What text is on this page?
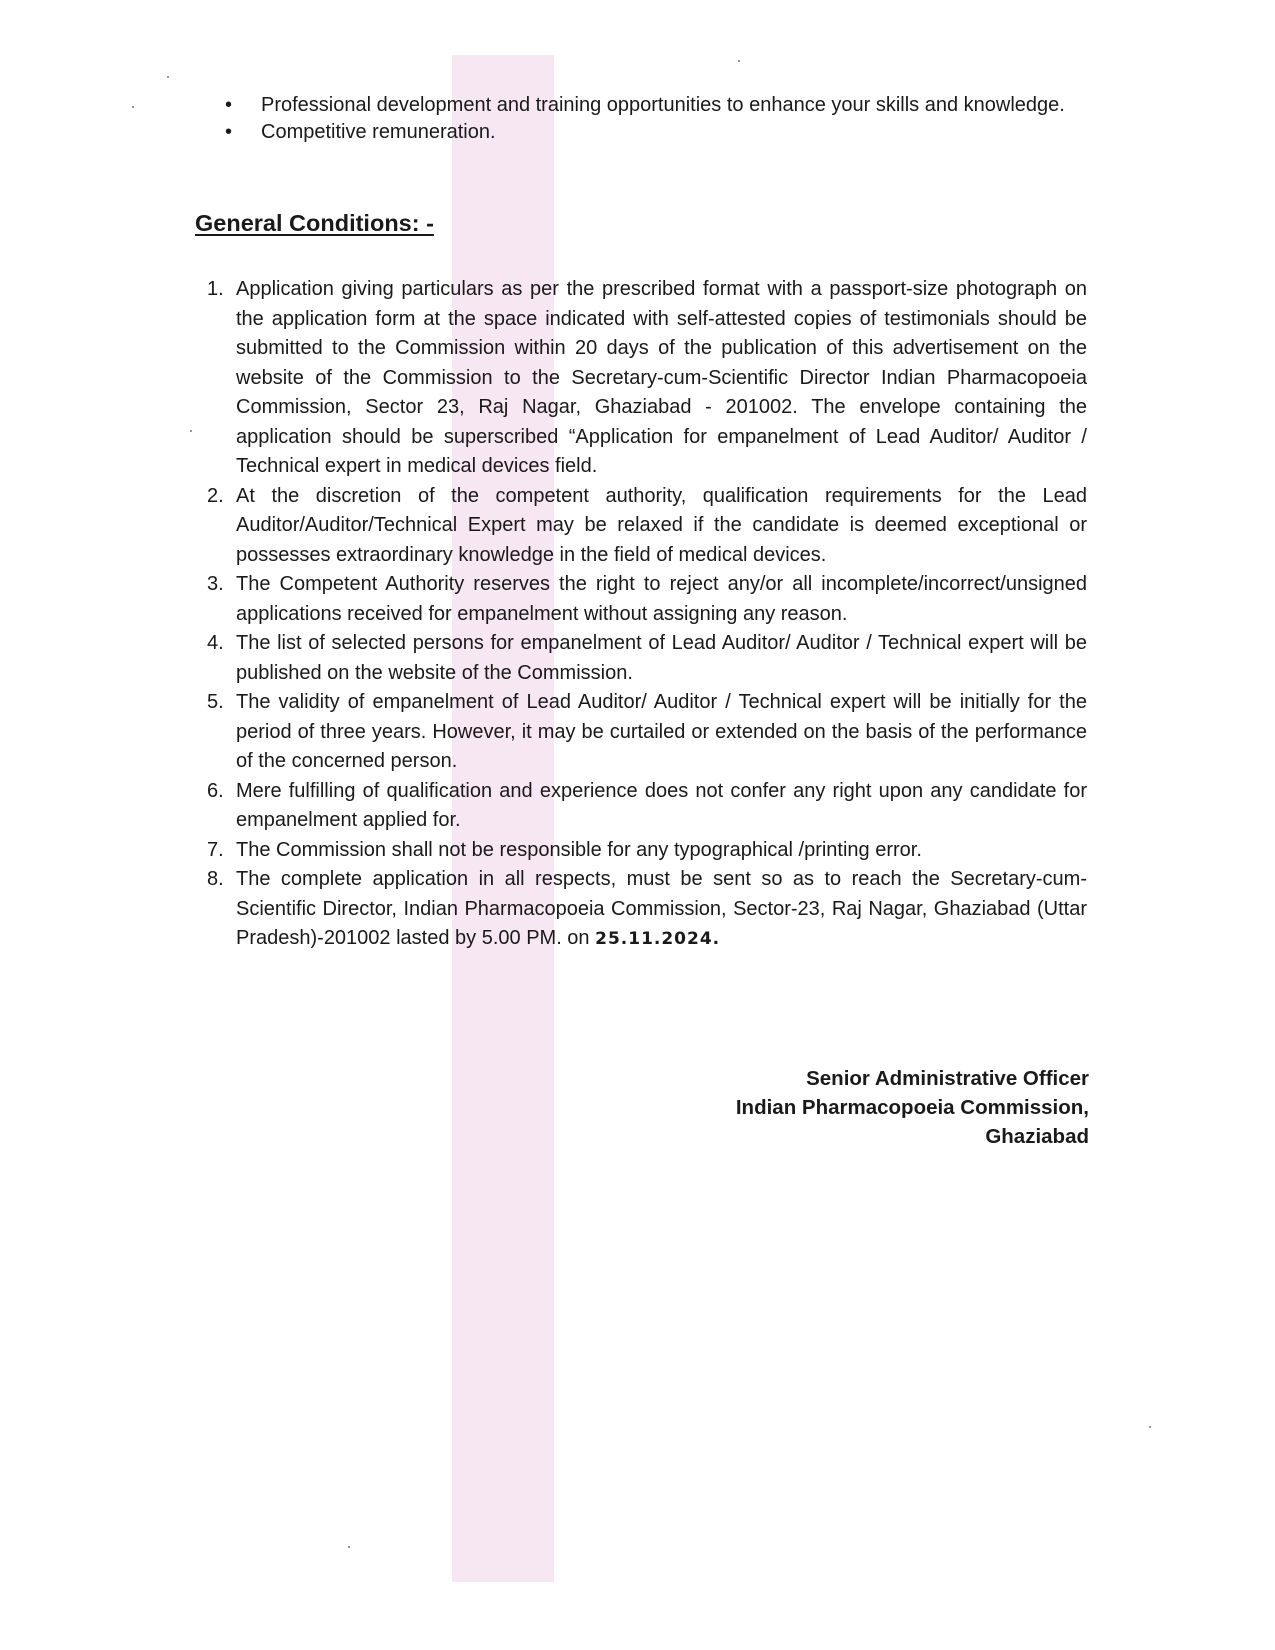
• Professional development and training opportunities to enhance your skills and knowledge.
• Competitive remuneration.
General Conditions: -
1. Application giving particulars as per the prescribed format with a passport-size photograph on the application form at the space indicated with self-attested copies of testimonials should be submitted to the Commission within 20 days of the publication of this advertisement on the website of the Commission to the Secretary-cum-Scientific Director Indian Pharmacopoeia Commission, Sector 23, Raj Nagar, Ghaziabad - 201002. The envelope containing the application should be superscribed “Application for empanelment of Lead Auditor/ Auditor / Technical expert in medical devices field.
2. At the discretion of the competent authority, qualification requirements for the Lead Auditor/Auditor/Technical Expert may be relaxed if the candidate is deemed exceptional or possesses extraordinary knowledge in the field of medical devices.
3. The Competent Authority reserves the right to reject any/or all incomplete/incorrect/unsigned applications received for empanelment without assigning any reason.
4. The list of selected persons for empanelment of Lead Auditor/ Auditor / Technical expert will be published on the website of the Commission.
5. The validity of empanelment of Lead Auditor/ Auditor / Technical expert will be initially for the period of three years. However, it may be curtailed or extended on the basis of the performance of the concerned person.
6. Mere fulfilling of qualification and experience does not confer any right upon any candidate for empanelment applied for.
7. The Commission shall not be responsible for any typographical /printing error.
8. The complete application in all respects, must be sent so as to reach the Secretary-cum-Scientific Director, Indian Pharmacopoeia Commission, Sector-23, Raj Nagar, Ghaziabad (Uttar Pradesh)-201002 lasted by 5.00 PM. on 25.11.2024.
Senior Administrative Officer
Indian Pharmacopoeia Commission,
Ghaziabad
